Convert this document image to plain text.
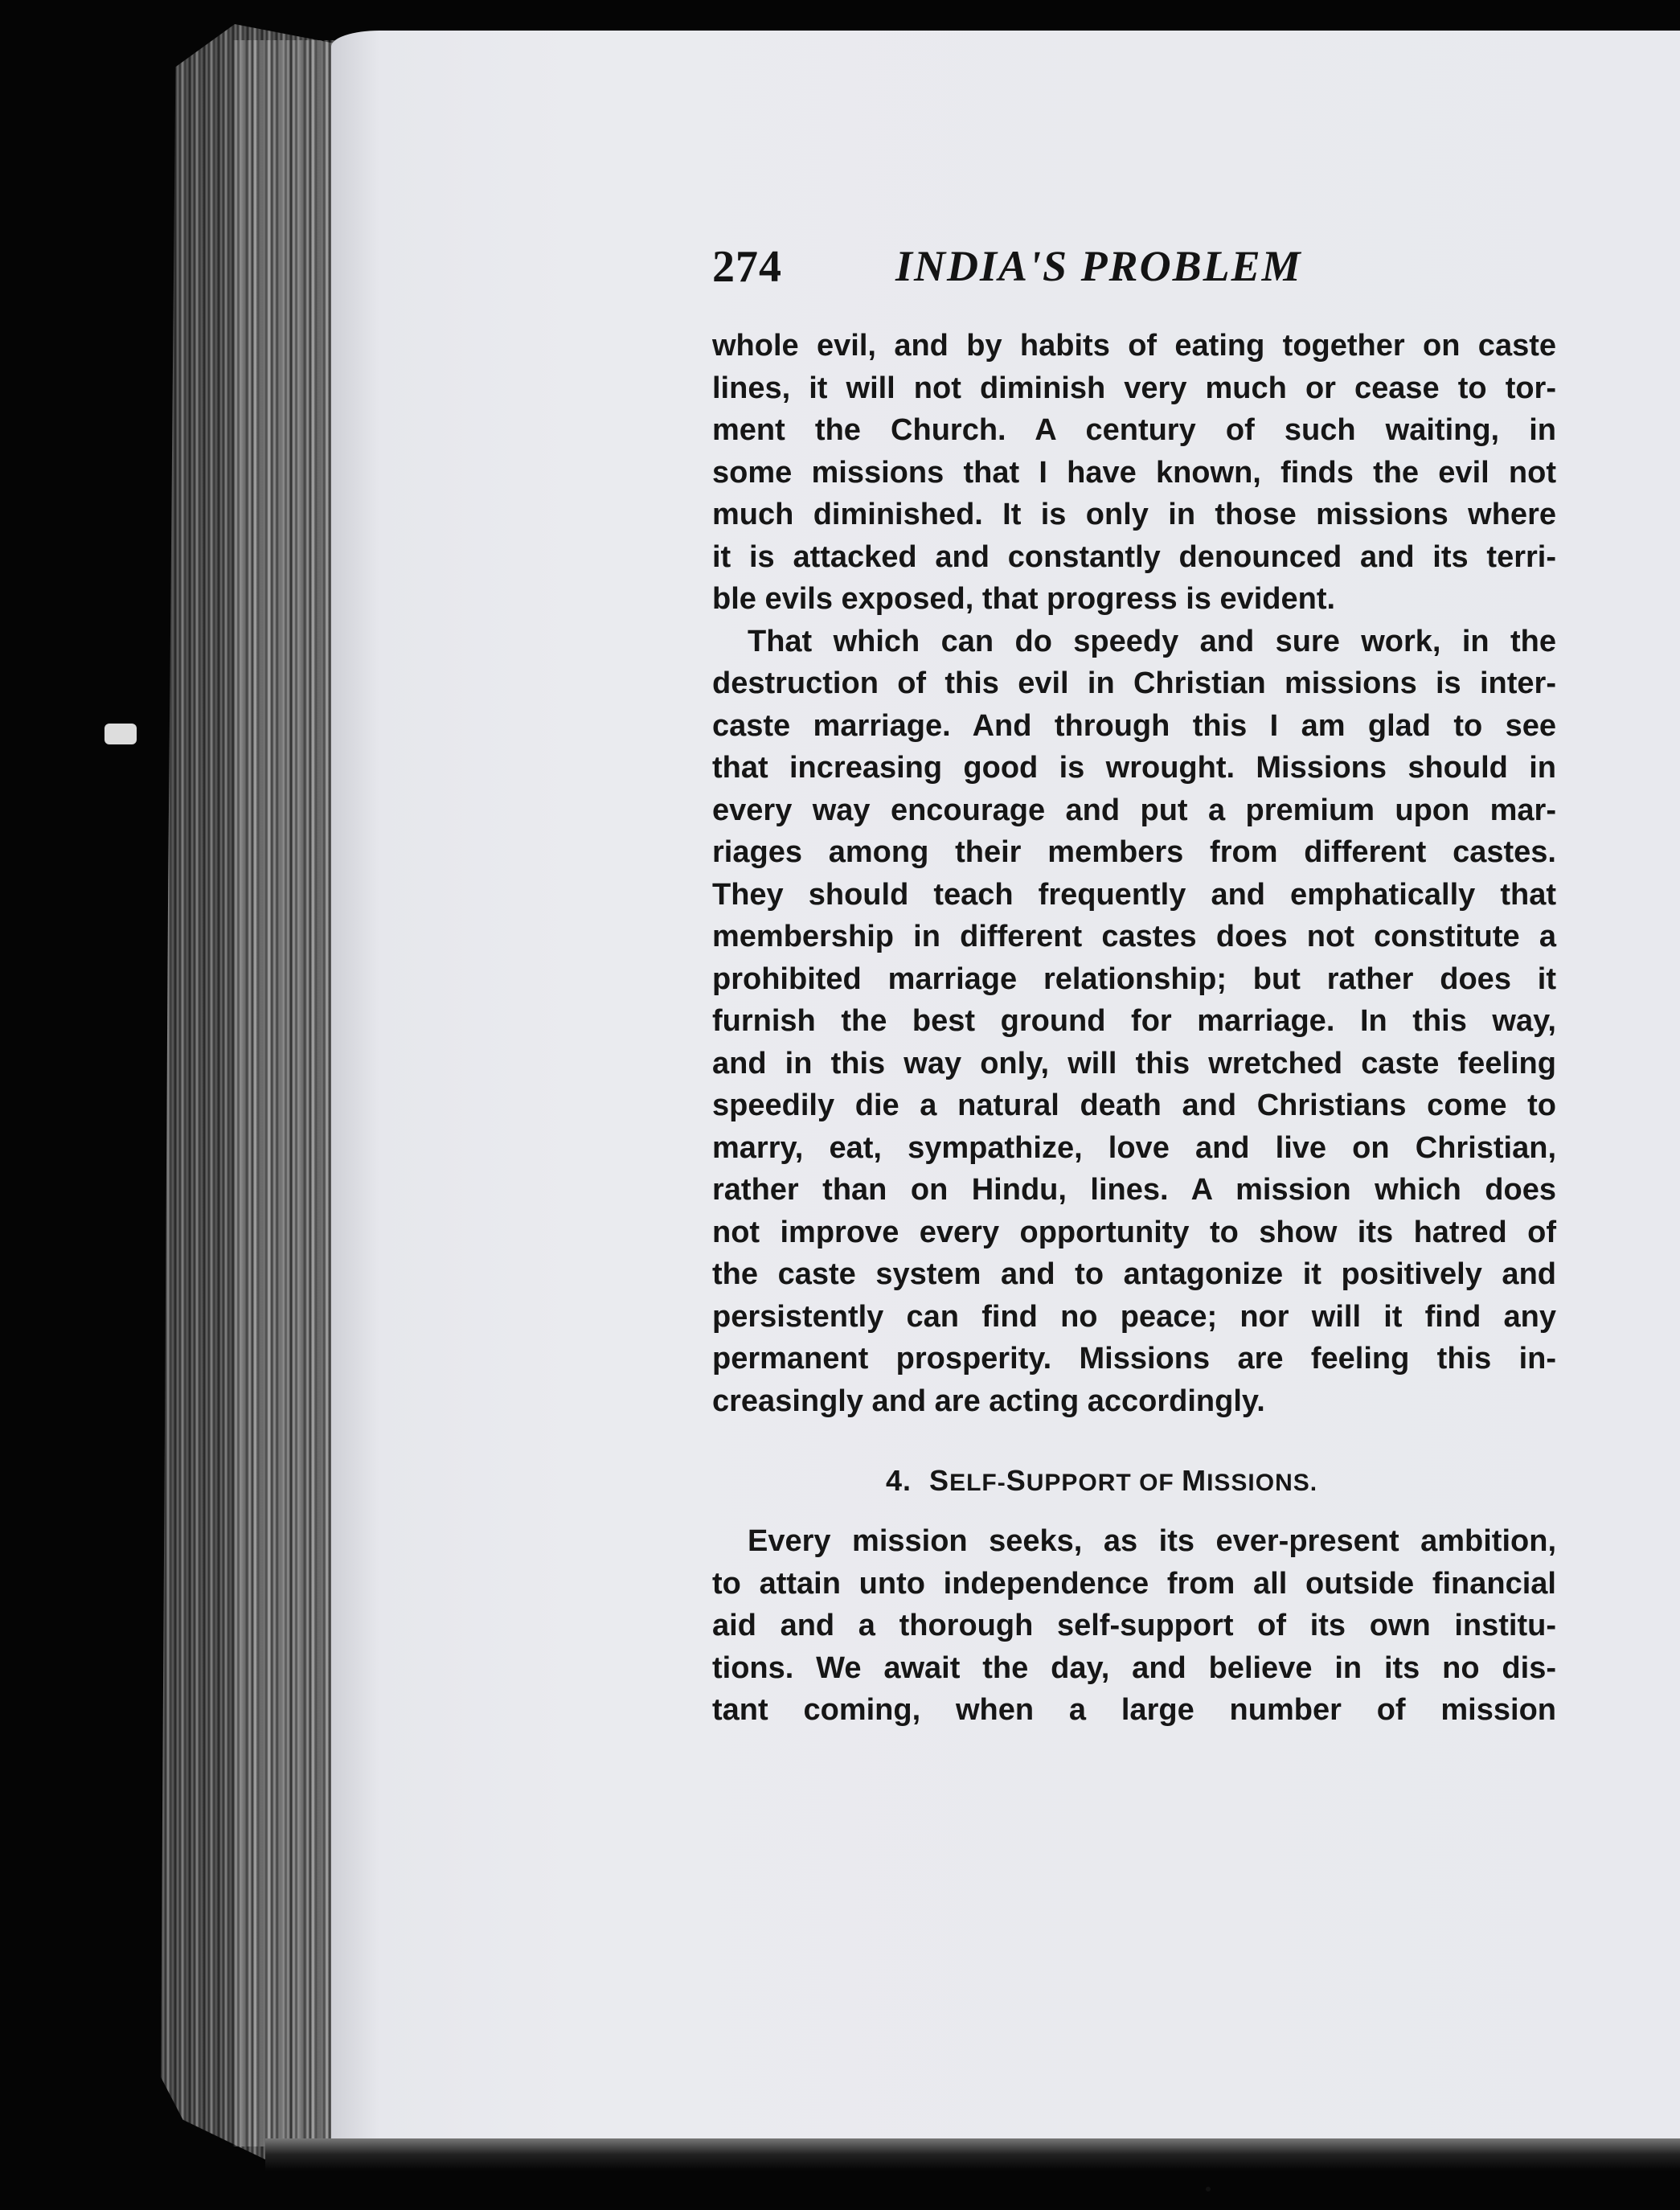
274	INDIA'S PROBLEM
whole evil, and by habits of eating together on caste
lines, it will not diminish very much or cease to tor-
ment the Church. A century of such waiting, in
some missions that I have known, finds the evil not
much diminished. It is only in those missions where
it is attacked and constantly denounced and its terri-
ble evils exposed, that progress is evident.
That which can do speedy and sure work, in the
destruction of this evil in Christian missions is inter-
caste marriage. And through this I am glad to see
that increasing good is wrought. Missions should in
every way encourage and put a premium upon mar-
riages among their members from different castes.
They should teach frequently and emphatically that
membership in different castes does not constitute a
prohibited marriage relationship; but rather does it
furnish the best ground for marriage. In this way,
and in this way only, will this wretched caste feeling
speedily die a natural death and Christians come to
marry, eat, sympathize, love and live on Christian,
rather than on Hindu, lines. A mission which does
not improve every opportunity to show its hatred of
the caste system and to antagonize it positively and
persistently can find no peace; nor will it find any
permanent prosperity. Missions are feeling this in-
creasingly and are acting accordingly.
4. SELF-SUPPORT OF MISSIONS.
Every mission seeks, as its ever-present ambition,
to attain unto independence from all outside financial
aid and a thorough self-support of its own institu-
tions. We await the day, and believe in its no dis-
tant coming, when a large number of mission
